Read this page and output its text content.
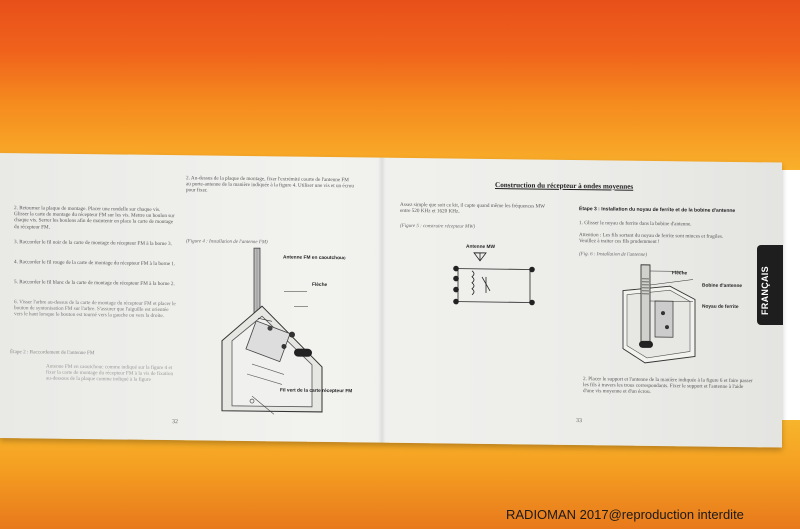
2. Retourner la plaque de montage. Placer une rondelle sur chaque vis. Glisser la carte de montage du récepteur FM sur les vis. Mettre un boulon sur chaque vis. Serrer les boulons afin de maintenir en place la carte de montage du récepteur FM.
3. Raccorder le fil noir de la carte de montage du récepteur FM à la borne 3.
4. Raccorder le fil rouge de la carte de montage du récepteur FM à la borne 1.
5. Raccorder le fil blanc de la carte de montage du récepteur FM à la borne 2.
6. Visser l'arbre au-dessus de la carte de montage du récepteur FM et placer le bouton de syntonisation FM sur l'arbre. S'assurer que l'aiguille est orientée vers le haut lorsque le bouton est tourné vers la gauche ou vers la droite.
Étape 2 : Raccordement de l'antenne FM
Antenne FM en caoutchouc comme indiqué sur la figure 4 et fixer la carte de montage du récepteur FM à la vis de fixation au-dessous de la plaque comme indiqué à la figure
2. Au-dessus de la plaque de montage, fixer l'extrémité courte de l'antenne FM au porte-antenne de la manière indiquée à la figure 4. Utiliser une vis et un écrou pour fixer.
(Figure 4 : Installation de l'antenne FM)
Antenne FM en caoutchouc
Flèche
Fil vert de la carte récepteur FM
32
Construction du récepteur à ondes moyennes
Assez simple que soit ce kit, il capte quand même les fréquences MW entre 520 KHz et 1620 KHz.
(Figure 5 : construire récepteur MW)
Antenne MW
33
Étape 3 : Installation du noyau de ferrite et de la bobine d'antenne
1. Glisser le noyau de ferrite dans la bobine d'antenne.
Attention : Les fils sortant du noyau de ferrite sont minces et fragiles. Veuillez à traiter ces fils prudemment !
(Fig. 6 : Installation de l'antenne)
Flèche
Bobine d'antenne
Noyau de ferrite
2. Placer le support et l'antenne de la manière indiquée à la figure 6 et faire passer les fils à travers les trous correspondants. Fixer le support et l'antenne à l'aide d'une vis moyenne et d'un écrou.
FRANÇAIS
RADIOMAN 2017@reproduction interdite
